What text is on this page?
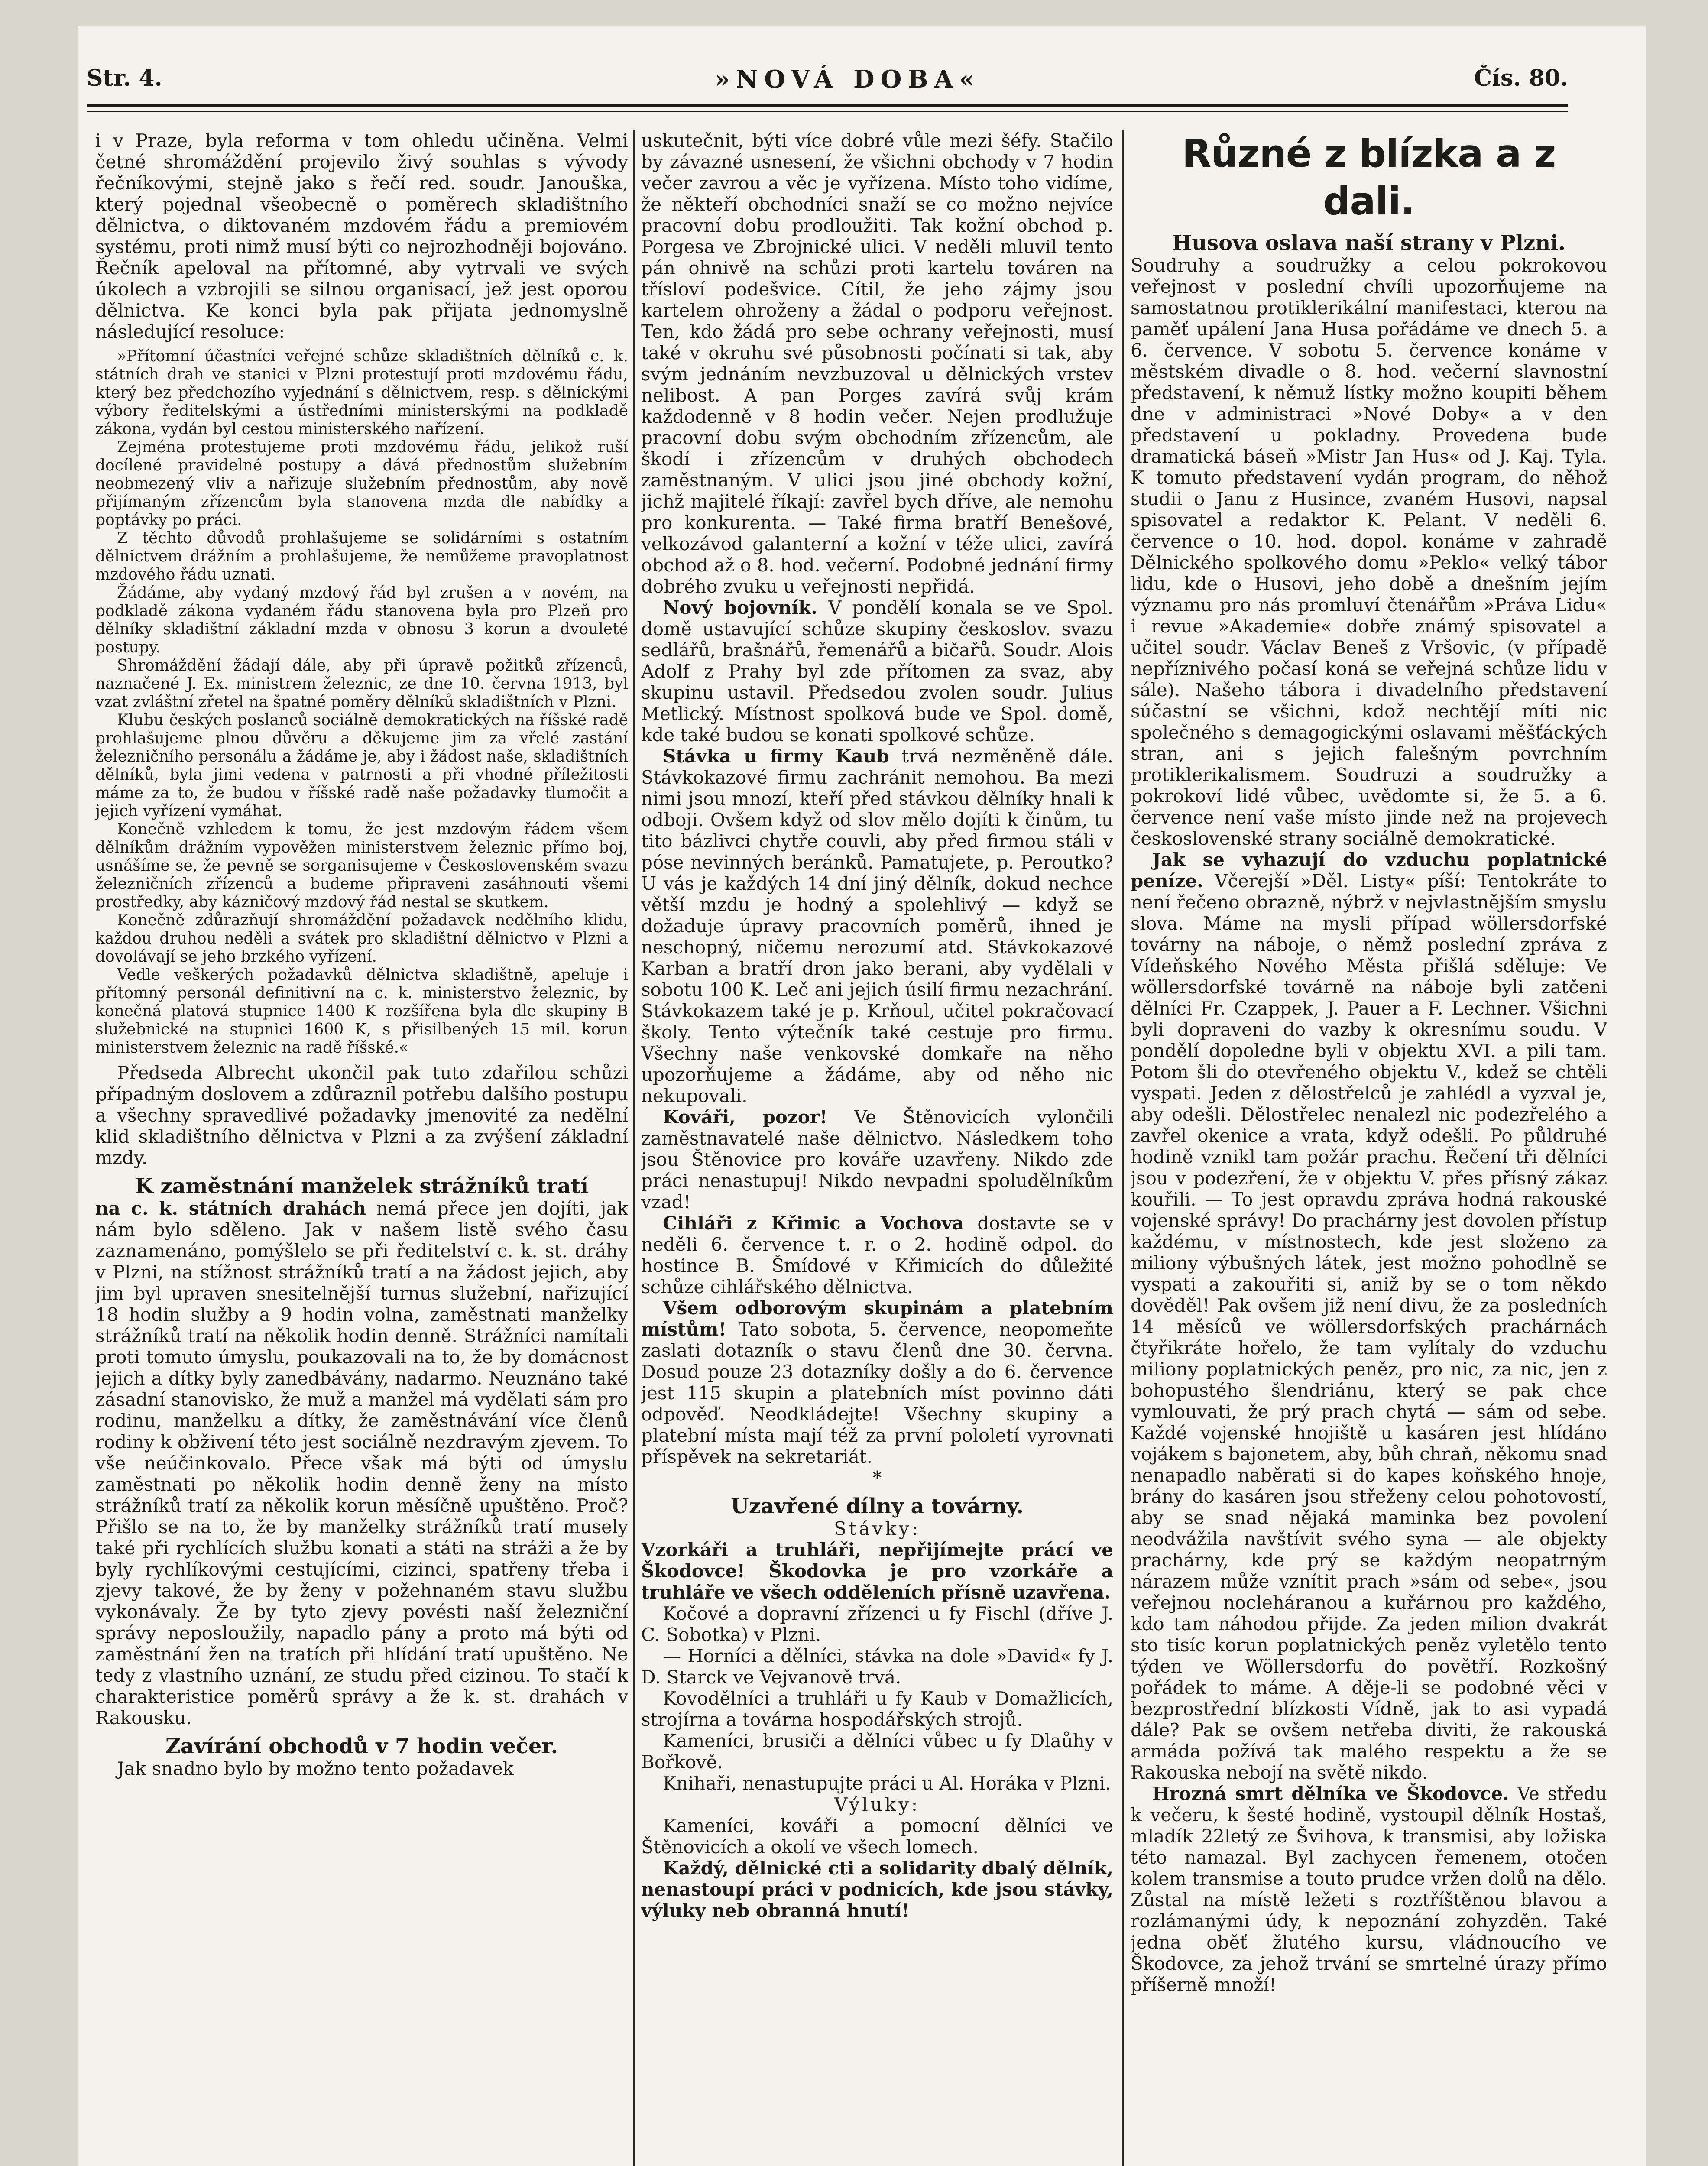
Str. 4.	»NOVÁ DOBA«	Čís. 80.

i v Praze, byla reforma v tom ohledu učiněna. Velmi četné shromáždění projevilo živý souhlas s vývody řečníkovými, stejně jako s řečí red. soudr. Janouška, který pojednal všeobecně o poměrech skladištního dělnictva, o diktovaném mzdovém řádu a premiovém systému, proti nimž musí býti co nejrozhodněji bojováno. Řečník apeloval na přítomné, aby vytrvali ve svých úkolech a vzbrojili se silnou organisací, jež jest oporou dělnictva. Ke konci byla pak přijata jednomyslně následující resoluce:

»Přítomní účastníci veřejné schůze skladištních dělníků c. k. státních drah ve stanici v Plzni protestují proti mzdovému řádu, který bez předchozího vyjednání s dělnictvem, resp. s dělnickými výbory ředitelskými a ústředními ministerskými na podkladě zákona, vydán byl cestou ministerského nařízení.

Zejména protestujeme proti mzdovému řádu, jelikož ruší docílené pravidelné postupy a dává přednostům služebním neobmezený vliv a nařizuje služebním přednostům, aby nově přijímaným zřízencům byla stanovena mzda dle nabídky a poptávky po práci.

Z těchto důvodů prohlašujeme se solidárními s ostatním dělnictvem drážním a prohlašujeme, že nemůžeme pravoplatnost mzdového řádu uznati.

Žádáme, aby vydaný mzdový řád byl zrušen a v novém, na podkladě zákona vydaném řádu stanovena byla pro Plzeň pro dělníky skladištní základní mzda v obnosu 3 korun a dvouleté postupy.

Shromáždění žádají dále, aby při úpravě požitků zřízenců, naznačené J. Ex. ministrem železnic, ze dne 10. června 1913, byl vzat zvláštní zřetel na špatné poměry dělníků skladištních v Plzni.

Klubu českých poslanců sociálně demokratických na říšské radě prohlašujeme plnou důvěru a děkujeme jim za vřelé zastání železničního personálu a žádáme je, aby i žádost naše, skladištních dělníků, byla jimi vedena v patrnosti a při vhodné příležitosti máme za to, že budou v říšské radě naše požadavky tlumočit a jejich vyřízení vymáhat.

Konečně vzhledem k tomu, že jest mzdovým řádem všem dělníkům drážním vypověžen ministerstvem železnic přímo boj, usnášíme se, že pevně se sorganisujeme v Československém svazu železničních zřízenců a budeme připraveni zasáhnouti všemi prostředky, aby kázničový mzdový řád nestal se skutkem.

Konečně zdůrazňují shromáždění požadavek nedělního klidu, každou druhou neděli a svátek pro skladištní dělnictvo v Plzni a dovolávají se jeho brzkého vyřízení.

Vedle veškerých požadavků dělnictva skladištně, apeluje i přítomný personál definitivní na c. k. ministerstvo železnic, by konečná platová stupnice 1400 K rozšířena byla dle skupiny B služebnické na stupnici 1600 K, s přisilbených 15 mil. korun ministerstvem železnic na radě říšské.«

Předseda Albrecht ukončil pak tuto zdařilou schůzi případným doslovem a zdůraznil potřebu dalšího postupu a všechny spravedlivé požadavky jmenovité za nedělní klid skladištního dělnictva v Plzni a za zvýšení základní mzdy.

K zaměstnání manželek strážníků tratí

na c. k. státních drahách nemá přece jen dojíti, jak nám bylo sděleno. Jak v našem listě svého času zaznamenáno, pomýšlelo se při ředitelství c. k. st. dráhy v Plzni, na stížnost strážníků tratí a na žádost jejich, aby jim byl upraven snesitelnější turnus služební, nařizující 18 hodin služby a 9 hodin volna, zaměstnati manželky strážníků tratí na několik hodin denně. Strážníci namítali proti tomuto úmyslu, poukazovali na to, že by domácnost jejich a dítky byly zanedbávány, nadarmo. Neuznáno také zásadní stanovisko, že muž a manžel má vydělati sám pro rodinu, manželku a dítky, že zaměstnávání více členů rodiny k obživení této jest sociálně nezdravým zjevem. To vše neúčinkovalo. Přece však má býti od úmyslu zaměstnati po několik hodin denně ženy na místo strážníků tratí za několik korun měsíčně upuštěno. Proč? Přišlo se na to, že by manželky strážníků tratí musely také při rychlících službu konati a státi na stráži a že by byly rychlíkovými cestujícími, cizinci, spatřeny třeba i zjevy takové, že by ženy v požehnaném stavu službu vykonávaly. Že by tyto zjevy povésti naší železniční správy neposloužily, napadlo pány a proto má býti od zaměstnání žen na tratích při hlídání tratí upuštěno. Ne tedy z vlastního uznání, ze studu před cizinou. To stačí k charakteristice poměrů správy a že k. st. drahách v Rakousku.

Zavírání obchodů v 7 hodin večer.

Jak snadno bylo by možno tento požadavek

uskutečnit, býti více dobré vůle mezi šéfy. Stačilo by závazné usnesení, že všichni obchody v 7 hodin večer zavrou a věc je vyřízena. Místo toho vidíme, že někteří obchodníci snaží se co možno nejvíce pracovní dobu prodloužiti. Tak kožní obchod p. Porgesa ve Zbrojnické ulici. V neděli mluvil tento pán ohnivě na schůzi proti kartelu továren na třísloví podešvice. Cítil, že jeho zájmy jsou kartelem ohroženy a žádal o podporu veřejnost. Ten, kdo žádá pro sebe ochrany veřejnosti, musí také v okruhu své působnosti počínati si tak, aby svým jednáním nevzbuzoval u dělnických vrstev nelibost. A pan Porges zavírá svůj krám každodenně v 8 hodin večer. Nejen prodlužuje pracovní dobu svým obchodním zřízencům, ale škodí i zřízencům v druhých obchodech zaměstnaným. V ulici jsou jiné obchody kožní, jichž majitelé říkají: zavřel bych dříve, ale nemohu pro konkurenta. — Také firma bratří Benešové, velkozávod galanterní a kožní v téže ulici, zavírá obchod až o 8. hod. večerní. Podobné jednání firmy dobrého zvuku u veřejnosti nepřidá.

Nový bojovník. V pondělí konala se ve Spol. domě ustavující schůze skupiny českoslov. svazu sedlářů, brašnářů, řemenářů a bičařů. Soudr. Alois Adolf z Prahy byl zde přítomen za svaz, aby skupinu ustavil. Předsedou zvolen soudr. Julius Metlický. Místnost spolková bude ve Spol. domě, kde také budou se konati spolkové schůze.

Stávka u firmy Kaub trvá nezměněně dále. Stávkokazové firmu zachránit nemohou. Ba mezi nimi jsou mnozí, kteří před stávkou dělníky hnali k odboji. Ovšem když od slov mělo dojíti k činům, tu tito bázlivci chytře couvli, aby před firmou stáli v póse nevinných beránků. Pamatujete, p. Peroutko? U vás je každých 14 dní jiný dělník, dokud nechce větší mzdu je hodný a spolehlivý — když se dožaduje úpravy pracovních poměrů, ihned je neschopný, ničemu nerozumí atd. Stávkokazové Karban a bratří dron jako berani, aby vydělali v sobotu 100 K. Leč ani jejich úsilí firmu nezachrání. Stávkokazem také je p. Krňoul, učitel pokračovací školy. Tento výtečník také cestuje pro firmu. Všechny naše venkovské domkaře na něho upozorňujeme a žádáme, aby od něho nic nekupovali.

Kováři, pozor! Ve Štěnovicích vylončili zaměstnavatelé naše dělnictvo. Následkem toho jsou Štěnovice pro kováře uzavřeny. Nikdo zde práci nenastupuj! Nikdo nevpadni spoludělníkům vzad!

Cihláři z Křimic a Vochova dostavte se v neděli 6. července t. r. o 2. hodině odpol. do hostince B. Šmídové v Křimicích do důležité schůze cihlářského dělnictva.

Všem odborovým skupinám a platebním místům! Tato sobota, 5. července, neopomeňte zaslati dotazník o stavu členů dne 30. června. Dosud pouze 23 dotazníky došly a do 6. července jest 115 skupin a platebních míst povinno dáti odpověď. Neodkládejte! Všechny skupiny a platební místa mají též za první pololetí vyrovnati příspěvek na sekretariát.

*

Uzavřené dílny a továrny.

Stávky:

Vzorkáři a truhláři, nepřijímejte prácí ve Škodovce! Škodovka je pro vzorkáře a truhláře ve všech odděleních přísně uzavřena.

Kočové a dopravní zřízenci u fy Fischl (dříve J. C. Sobotka) v Plzni.

— Horníci a dělníci, stávka na dole »David« fy J. D. Starck ve Vejvanově trvá.

Kovodělníci a truhláři u fy Kaub v Domažlicích, strojírna a továrna hospodářských strojů.

Kameníci, brusiči a dělníci vůbec u fy Dlaůhy v Bořkově.

Knihaři, nenastupujte práci u Al. Horáka v Plzni.

Výluky:

Kameníci, kováři a pomocní dělníci ve Štěnovicích a okolí ve všech lomech.

Každý, dělnické cti a solidarity dbalý dělník, nenastoupí práci v podnicích, kde jsou stávky, výluky neb obranná hnutí!

Různé z blízka a z dali.
Husova oslava naší strany v Plzni.

Soudruhy a soudružky a celou pokrokovou veřejnost v poslední chvíli upozorňujeme na samostatnou protiklerikální manifestaci, kterou na paměť upálení Jana Husa pořádáme ve dnech 5. a 6. července. V sobotu 5. července konáme v městském divadle o 8. hod. večerní slavnostní představení, k němuž lístky možno koupiti během dne v administraci »Nové Doby« a v den představení u pokladny. Provedena bude dramatická báseň »Mistr Jan Hus« od J. Kaj. Tyla. K tomuto představení vydán program, do něhož studii o Janu z Husince, zvaném Husovi, napsal spisovatel a redaktor K. Pelant. V neděli 6. července o 10. hod. dopol. konáme v zahradě Dělnického spolkového domu »Peklo« velký tábor lidu, kde o Husovi, jeho době a dnešním jejím významu pro nás promluví čtenářům »Práva Lidu« i revue »Akademie« dobře známý spisovatel a učitel soudr. Václav Beneš z Vršovic, (v případě nepříznivého počasí koná se veřejná schůze lidu v sále). Našeho tábora i divadelního představení súčastní se všichni, kdož nechtějí míti nic společného s demagogickými oslavami měšťáckých stran, ani s jejich falešným povrchním protiklerikalismem. Soudruzi a soudružky a pokrokoví lidé vůbec, uvědomte si, že 5. a 6. července není vaše místo jinde než na projevech československé strany sociálně demokratické.

Jak se vyhazují do vzduchu poplatnické peníze. Včerejší »Děl. Listy« píší: Tentokráte to není řečeno obrazně, nýbrž v nejvlastnějším smyslu slova. Máme na mysli případ wöllersdorfské továrny na náboje, o němž poslední zpráva z Vídeňského Nového Města přišlá sděluje: Ve wöllersdorfské továrně na náboje byli zatčeni dělníci Fr. Czappek, J. Pauer a F. Lechner. Všichni byli dopraveni do vazby k okresnímu soudu. V pondělí dopoledne byli v objektu XVI. a pili tam. Potom šli do otevřeného objektu V., kdež se chtěli vyspati. Jeden z dělostřelců je zahlédl a vyzval je, aby odešli. Dělostřelec nenalezl nic podezřelého a zavřel okenice a vrata, když odešli. Po půldruhé hodině vznikl tam požár prachu. Řečení tři dělníci jsou v podezření, že v objektu V. přes přísný zákaz kouřili. — To jest opravdu zpráva hodná rakouské vojenské správy! Do prachárny jest dovolen přístup každému, v místnostech, kde jest složeno za miliony výbušných látek, jest možno pohodlně se vyspati a zakouřiti si, aniž by se o tom někdo dověděl! Pak ovšem již není divu, že za posledních 14 měsíců ve wöllersdorfských prachárnách čtyřikráte hořelo, že tam vylítaly do vzduchu miliony poplatnických peněz, pro nic, za nic, jen z bohopustého šlendriánu, který se pak chce vymlouvati, že prý prach chytá — sám od sebe. Každé vojenské hnojiště u kasáren jest hlídáno vojákem s bajonetem, aby, bůh chraň, někomu snad nenapadlo naběrati si do kapes koňského hnoje, brány do kasáren jsou střeženy celou pohotovostí, aby se snad nějaká maminka bez povolení neodvážila navštívit svého syna — ale objekty prachárny, kde prý se každým neopatrným nárazem může vznítit prach »sám od sebe«, jsou veřejnou nocleháranou a kuřárnou pro každého, kdo tam náhodou přijde. Za jeden milion dvakrát sto tisíc korun poplatnických peněz vyletělo tento týden ve Wöllersdorfu do povětří. Rozkošný pořádek to máme. A děje-li se podobné věci v bezprostřední blízkosti Vídně, jak to asi vypadá dále? Pak se ovšem netřeba diviti, že rakouská armáda požívá tak malého respektu a že se Rakouska nebojí na světě nikdo.

Hrozná smrt dělníka ve Škodovce. Ve středu k večeru, k šesté hodině, vystoupil dělník Hostaš, mladík 22letý ze Švihova, k transmisi, aby ložiska této namazal. Byl zachycen řemenem, otočen kolem transmise a touto prudce vržen dolů na dělo. Zůstal na místě ležeti s roztříštěnou blavou a rozlámanými údy, k nepoznání zohyzděn. Také jedna oběť žlutého kursu, vládnoucího ve Škodovce, za jehož trvání se smrtelné úrazy přímo příšerně množí!
